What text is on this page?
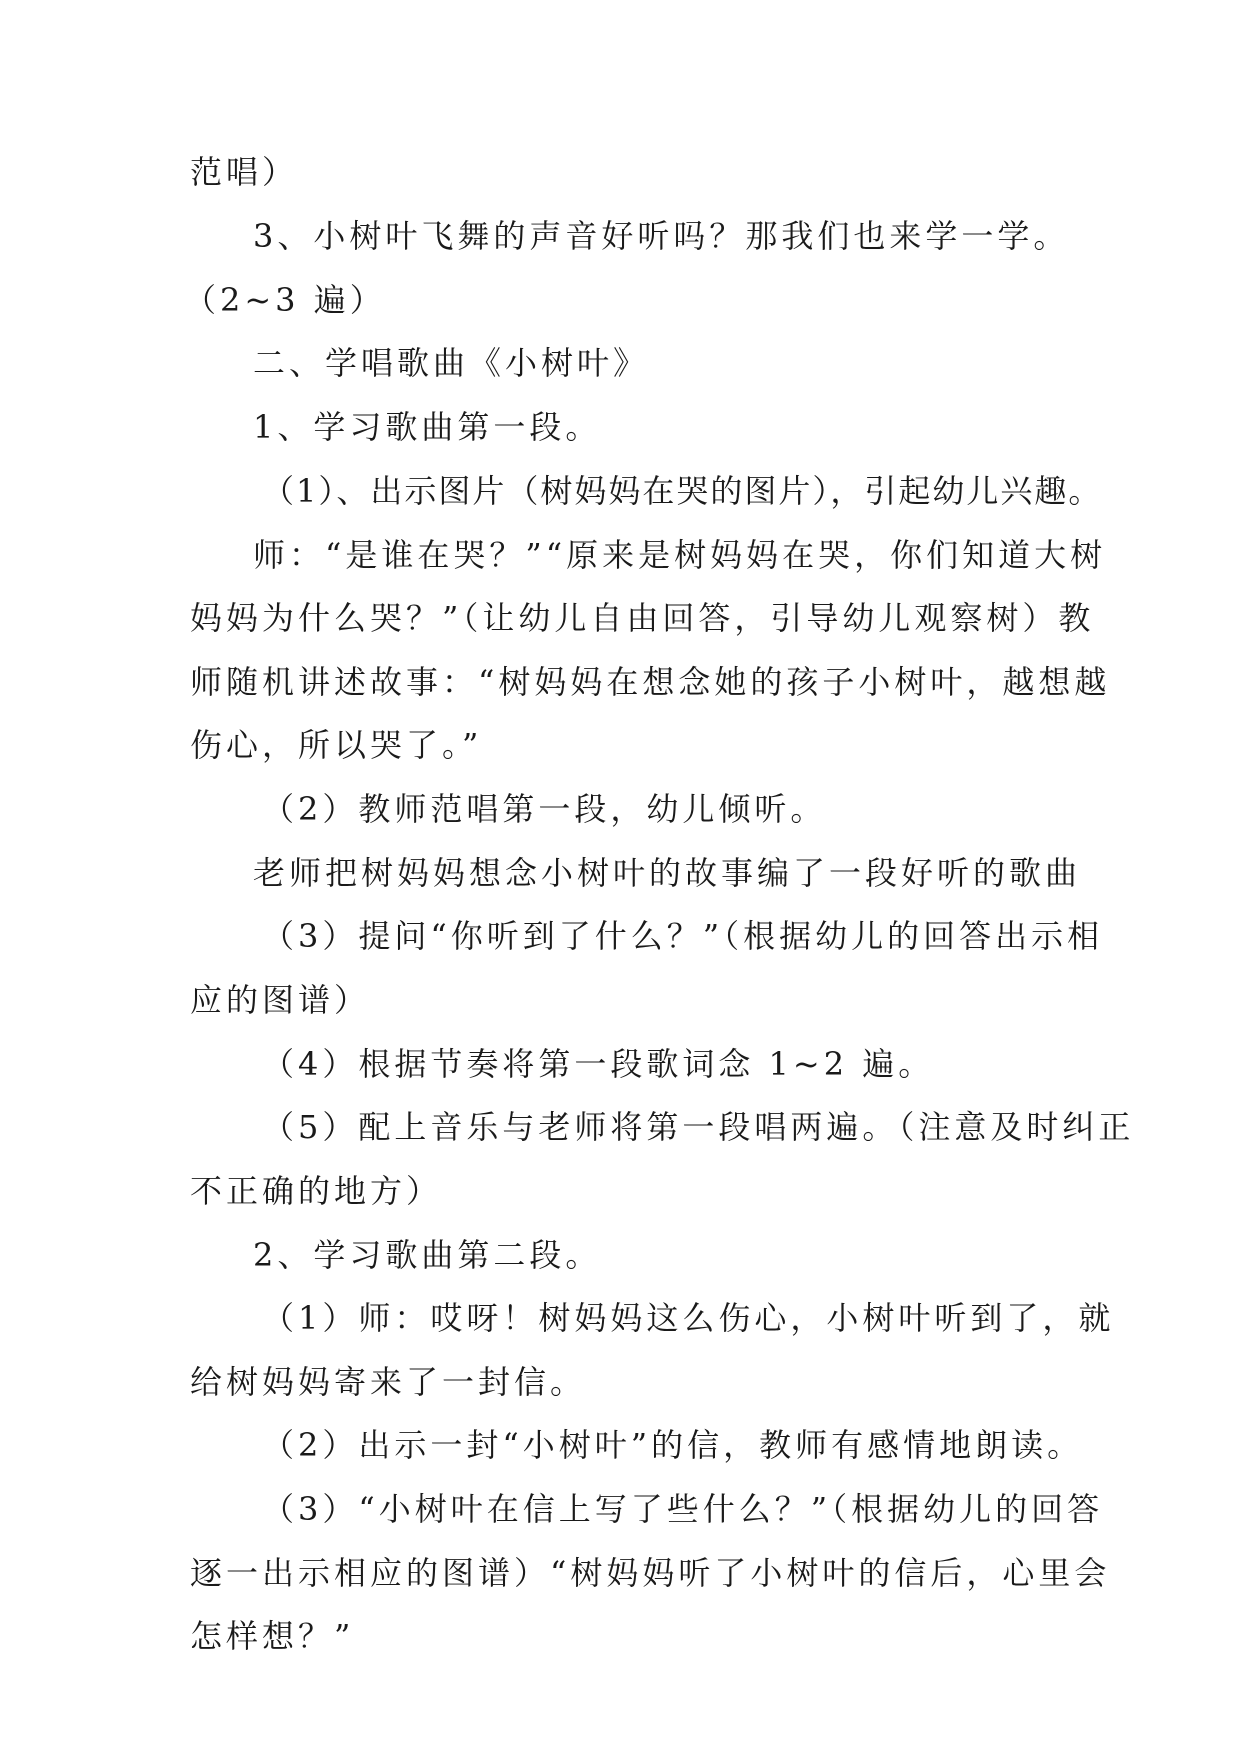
范唱）
3、小树叶飞舞的声音好听吗？那我们也来学一学。
（2~3 遍）
二、学唱歌曲《小树叶》
1、学习歌曲第一段。
（1）、出示图片（树妈妈在哭的图片），引起幼儿兴趣。
师：“是谁在哭？”“原来是树妈妈在哭，你们知道大树
妈妈为什么哭？”（让幼儿自由回答，引导幼儿观察树）教
师随机讲述故事：“树妈妈在想念她的孩子小树叶，越想越
伤心，所以哭了。”
（2）教师范唱第一段，幼儿倾听。
老师把树妈妈想念小树叶的故事编了一段好听的歌曲
（3）提问“你听到了什么？”（根据幼儿的回答出示相
应的图谱）
（4）根据节奏将第一段歌词念 1~2 遍。
（5）配上音乐与老师将第一段唱两遍。（注意及时纠正
不正确的地方）
2、学习歌曲第二段。
（1）师：哎呀！树妈妈这么伤心，小树叶听到了，就
给树妈妈寄来了一封信。
（2）出示一封“小树叶”的信，教师有感情地朗读。
（3）“小树叶在信上写了些什么？”（根据幼儿的回答
逐一出示相应的图谱）“树妈妈听了小树叶的信后，心里会
怎样想？”
